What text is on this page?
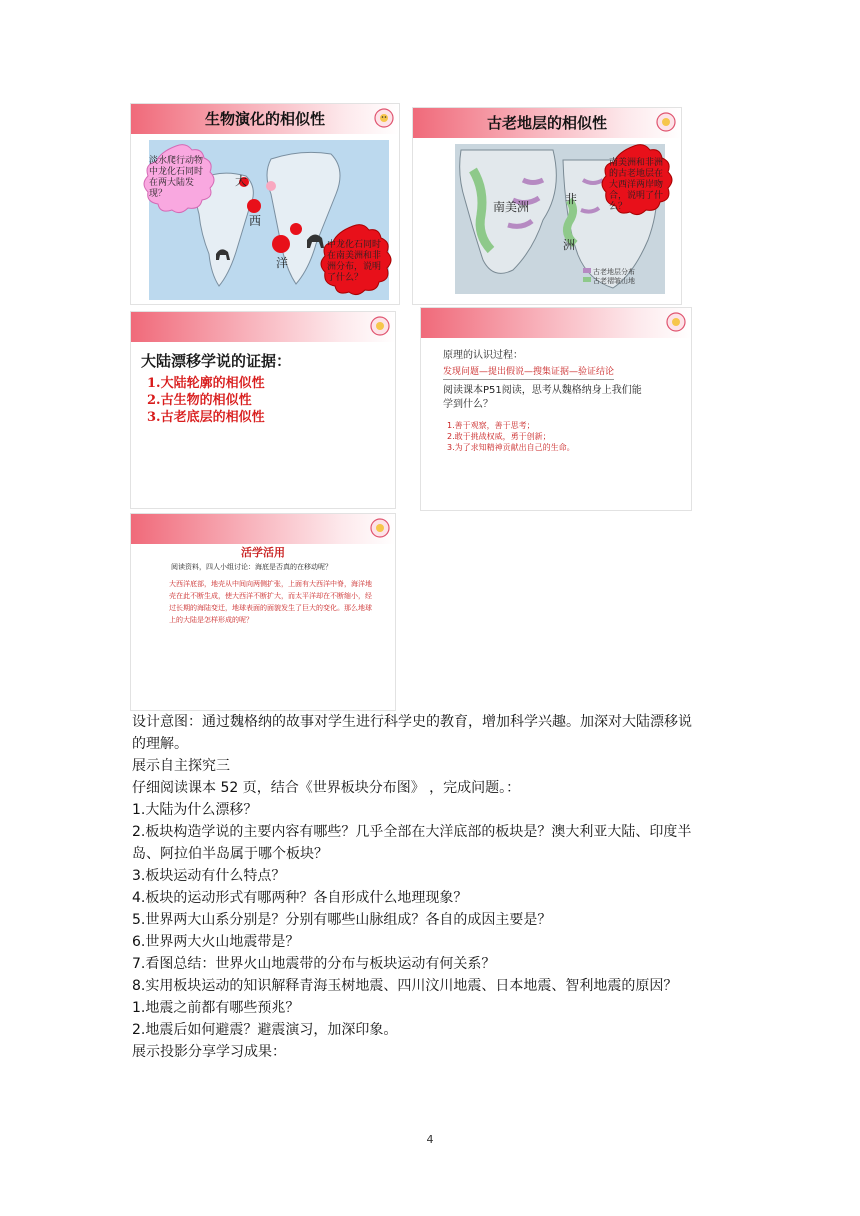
生物演化的相似性
大
西
洋
淡水爬行动物中龙化石同时在两大陆发现？
中龙化石同时在南美洲和非洲分布，说明了什么？
古老地层的相似性
南美洲
非
洲
古老地层分布
古老褶皱山地
南美洲和非洲的古老地层在大西洋两岸吻合，说明了什么？
大陆漂移学说的证据：
1.大陆轮廓的相似性
2.古生物的相似性
3.古老底层的相似性
原理的认识过程：
发现问题—提出假说—搜集证据—验证结论
阅读课本P51阅读，思考从魏格纳身上我们能学到什么？
1.善于观察，善于思考；
2.敢于挑战权威，勇于创新；
3.为了求知精神贡献出自己的生命。
活学活用
阅读资料，四人小组讨论：海底是否真的在移动呢？
大西洋底部，地壳从中间向两侧扩张，上面有大西洋中脊，海洋地壳在此不断生成，使大西洋不断扩大，而太平洋却在不断缩小，经过长期的海陆变迁，地球表面的面貌发生了巨大的变化。那么地球上的大陆是怎样形成的呢？
设计意图：通过魏格纳的故事对学生进行科学史的教育，增加科学兴趣。加深对大陆漂移说
的理解。
展示自主探究三
仔细阅读课本 52 页，结合《世界板块分布图》 ，完成问题。：
1.大陆为什么漂移？
2.板块构造学说的主要内容有哪些？几乎全部在大洋底部的板块是？澳大利亚大陆、印度半
岛、阿拉伯半岛属于哪个板块？
3.板块运动有什么特点？
4.板块的运动形式有哪两种？各自形成什么地理现象？
5.世界两大山系分别是？分别有哪些山脉组成？各自的成因主要是？
6.世界两大火山地震带是？
7.看图总结：世界火山地震带的分布与板块运动有何关系？
8.实用板块运动的知识解释青海玉树地震、四川汶川地震、日本地震、智利地震的原因？
1.地震之前都有哪些预兆？
2.地震后如何避震？避震演习，加深印象。
展示投影分享学习成果：
4
